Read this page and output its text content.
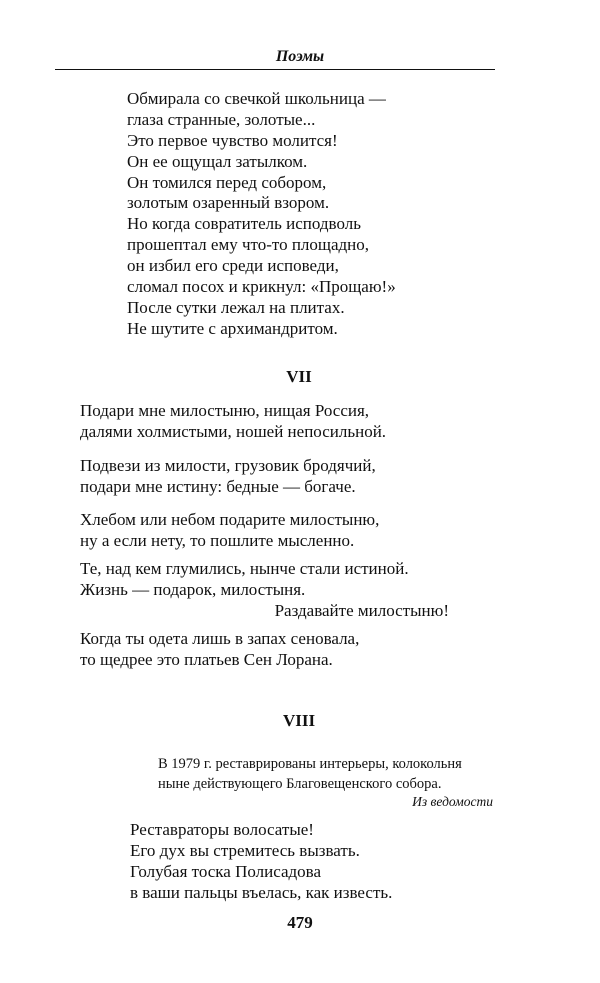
Поэмы
Обмирала со свечкой школьница —
глаза странные, золотые...
Это первое чувство молится!
Он ее ощущал затылком.
Он томился перед собором,
золотым озаренный взором.
Но когда совратитель исподволь
прошептал ему что-то площадно,
он избил его среди исповеди,
сломал посох и крикнул: «Прощаю!»
После сутки лежал на плитах.
Не шутите с архимандритом.
VII
Подари мне милостыню, нищая Россия,
далями холмистыми, ношей непосильной.
Подвези из милости, грузовик бродячий,
подари мне истину: бедные — богаче.
Хлебом или небом подарите милостыню,
ну а если нету, то пошлите мысленно.
Те, над кем глумились, нынче стали истиной.
Жизнь — подарок, милостыня.
Раздавайте милостыню!
Когда ты одета лишь в запах сеновала,
то щедрее это платьев Сен Лорана.
VIII
В 1979 г. реставрированы интерьеры, колокольня
ныне действующего Благовещенского собора.
Из ведомости
Реставраторы волосатые!
Его дух вы стремитесь вызвать.
Голубая тоска Полисадова
в ваши пальцы въелась, как известь.
479
